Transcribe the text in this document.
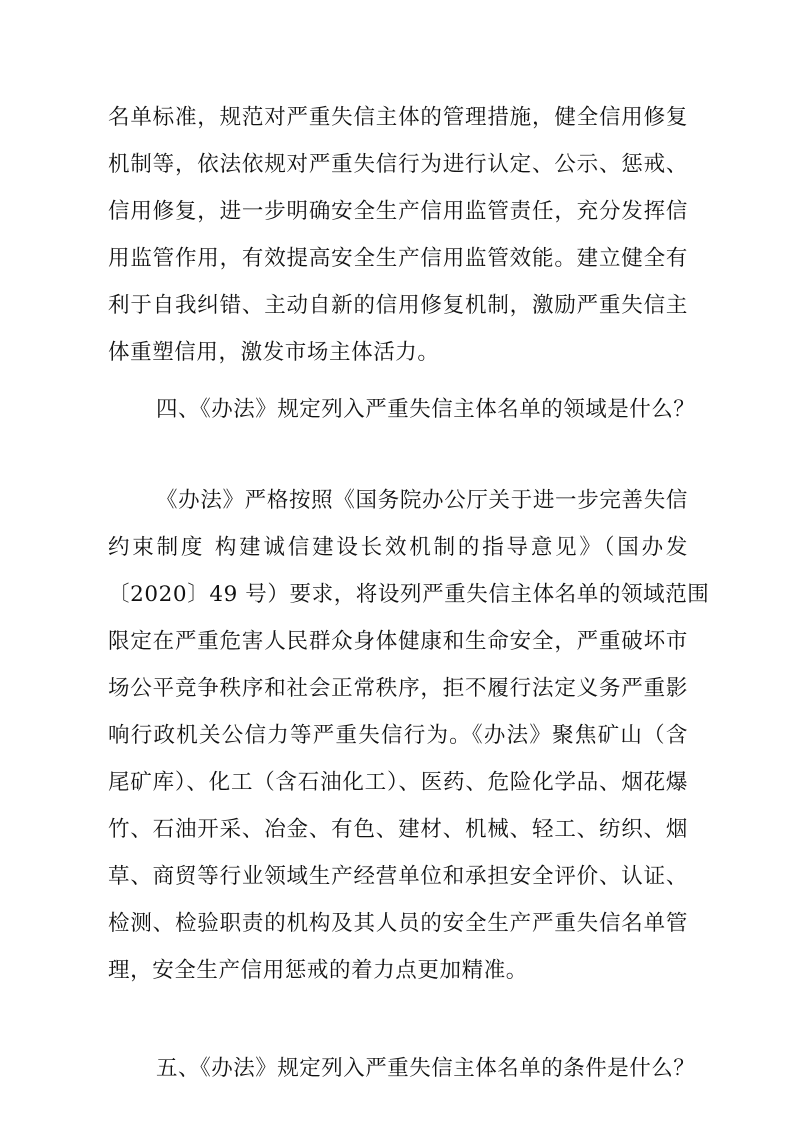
名单标准，规范对严重失信主体的管理措施，健全信用修复
机制等，依法依规对严重失信行为进行认定、公示、惩戒、
信用修复，进一步明确安全生产信用监管责任，充分发挥信
用监管作用，有效提高安全生产信用监管效能。建立健全有
利于自我纠错、主动自新的信用修复机制，激励严重失信主
体重塑信用，激发市场主体活力。
四、《办法》规定列入严重失信主体名单的领域是什么？
《办法》严格按照《国务院办公厅关于进一步完善失信
约束制度 构建诚信建设长效机制的指导意见》（国办发
〔2020〕49 号）要求，将设列严重失信主体名单的领域范围
限定在严重危害人民群众身体健康和生命安全，严重破坏市
场公平竞争秩序和社会正常秩序，拒不履行法定义务严重影
响行政机关公信力等严重失信行为。《办法》聚焦矿山（含
尾矿库）、化工（含石油化工）、医药、危险化学品、烟花爆
竹、石油开采、冶金、有色、建材、机械、轻工、纺织、烟
草、商贸等行业领域生产经营单位和承担安全评价、认证、
检测、检验职责的机构及其人员的安全生产严重失信名单管
理，安全生产信用惩戒的着力点更加精准。
五、《办法》规定列入严重失信主体名单的条件是什么？
